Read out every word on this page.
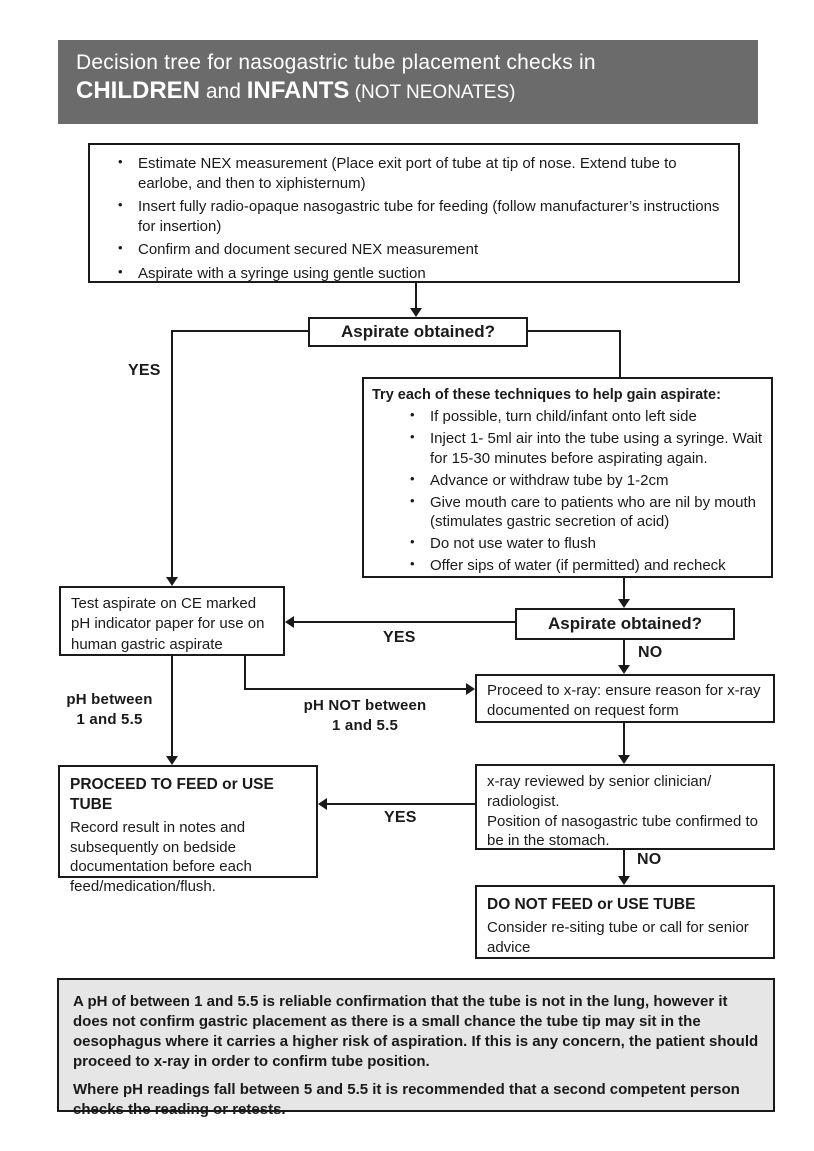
Decision tree for nasogastric tube placement checks in
CHILDREN and INFANTS (NOT NEONATES)
• Estimate NEX measurement (Place exit port of tube at tip of nose. Extend tube to earlobe, and then to xiphisternum)
• Insert fully radio-opaque nasogastric tube for feeding (follow manufacturer’s instructions for insertion)
• Confirm and document secured NEX measurement
• Aspirate with a syringe using gentle suction
Aspirate obtained?
Try each of these techniques to help gain aspirate:
• If possible, turn child/infant onto left side
• Inject 1- 5ml air into the tube using a syringe. Wait for 15-30 minutes before aspirating again.
• Advance or withdraw tube by 1-2cm
• Give mouth care to patients who are nil by mouth (stimulates gastric secretion of acid)
• Do not use water to flush
• Offer sips of water (if permitted) and recheck
Test aspirate on CE marked pH indicator paper for use on human gastric aspirate
Aspirate obtained?
Proceed to x-ray: ensure reason for x-ray documented on request form

x-ray reviewed by senior clinician/

radiologist.

Position of nasogastric tube confirmed to be in the stomach.

PROCEED TO FEED or USE TUBE
Record result in notes and subsequently on bedside documentation before each feed/medication/flush.
DO NOT FEED or USE TUBE
Consider re-siting tube or call for senior advice

A pH of between 1 and 5.5 is reliable confirmation that the tube is not in the lung, however it does not confirm gastric placement as there is a small chance the tube tip may sit in the oesophagus where it carries a higher risk of aspiration. If this is any concern, the patient should proceed to x-ray in order to confirm tube position.

Where pH readings fall between 5 and 5.5 it is recommended that a second competent person checks the reading or retests.

YES
YES
NO
YES
NO
pH between
1 and 5.5
pH NOT between
1 and 5.5
